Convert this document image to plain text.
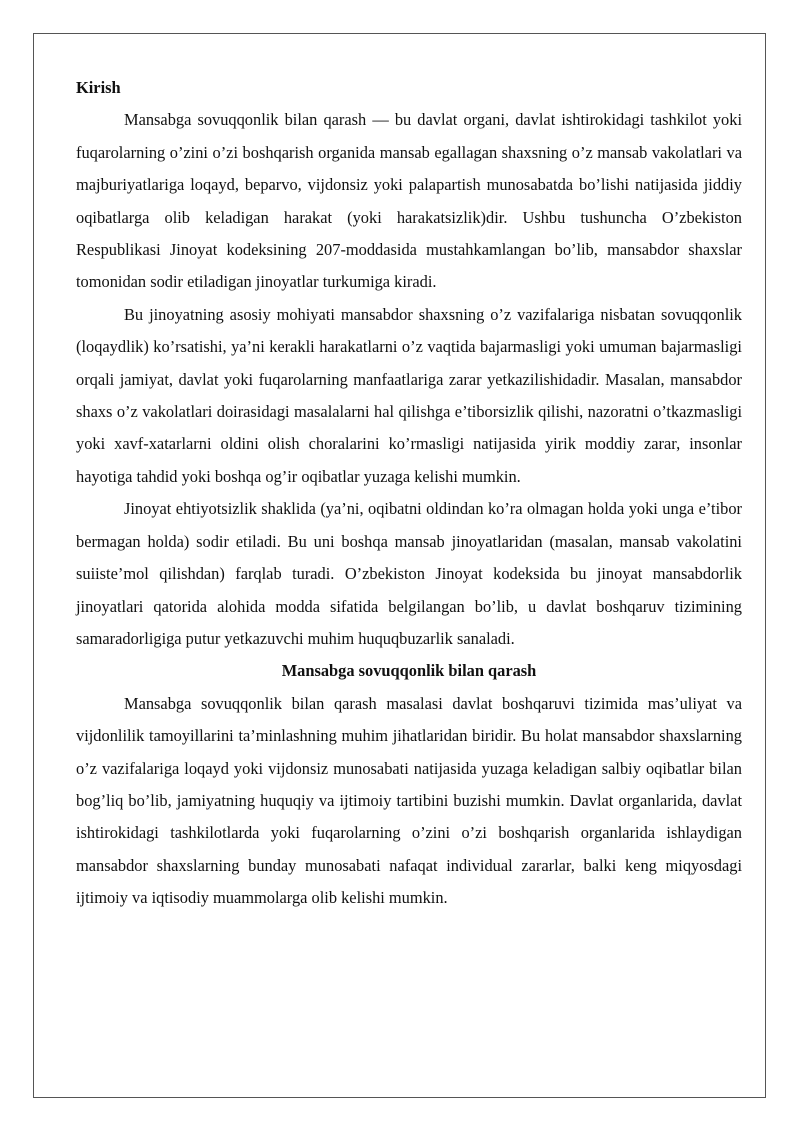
Kirish

Mansabga sovuqqonlik bilan qarash — bu davlat organi, davlat ishtirokidagi tashkilot yoki fuqarolarning o’zini o’zi boshqarish organida mansab egallagan shaxsning o’z mansab vakolatlari va majburiyatlariga loqayd, beparvo, vijdonsiz yoki palapartish munosabatda bo’lishi natijasida jiddiy oqibatlarga olib keladigan harakat (yoki harakatsizlik)dir. Ushbu tushuncha O’zbekiston Respublikasi Jinoyat kodeksining 207-moddasida mustahkamlangan bo’lib, mansabdor shaxslar tomonidan sodir etiladigan jinoyatlar turkumiga kiradi.

Bu jinoyatning asosiy mohiyati mansabdor shaxsning o’z vazifalariga nisbatan sovuqqonlik (loqaydlik) ko’rsatishi, ya’ni kerakli harakatlarni o’z vaqtida bajarmasligi yoki umuman bajarmasligi orqali jamiyat, davlat yoki fuqarolarning manfaatlariga zarar yetkazilishidadir. Masalan, mansabdor shaxs o’z vakolatlari doirasidagi masalalarni hal qilishga e’tiborsizlik qilishi, nazoratni o’tkazmasligi yoki xavf-xatarlarni oldini olish choralarini ko’rmasligi natijasida yirik moddiy zarar, insonlar hayotiga tahdid yoki boshqa og’ir oqibatlar yuzaga kelishi mumkin.

Jinoyat ehtiyotsizlik shaklida (ya’ni, oqibatni oldindan ko’ra olmagan holda yoki unga e’tibor bermagan holda) sodir etiladi. Bu uni boshqa mansab jinoyatlaridan (masalan, mansab vakolatini suiiste’mol qilishdan) farqlab turadi. O’zbekiston Jinoyat kodeksida bu jinoyat mansabdorlik jinoyatlari qatorida alohida modda sifatida belgilangan bo’lib, u davlat boshqaruv tizimining samaradorligiga putur yetkazuvchi muhim huquqbuzarlik sanaladi.

Mansabga sovuqqonlik bilan qarash

Mansabga sovuqqonlik bilan qarash masalasi davlat boshqaruvi tizimida mas’uliyat va vijdonlilik tamoyillarini ta’minlashning muhim jihatlaridan biridir. Bu holat mansabdor shaxslarning o’z vazifalariga loqayd yoki vijdonsiz munosabati natijasida yuzaga keladigan salbiy oqibatlar bilan bog’liq bo’lib, jamiyatning huquqiy va ijtimoiy tartibini buzishi mumkin. Davlat organlarida, davlat ishtirokidagi tashkilotlarda yoki fuqarolarning o’zini o’zi boshqarish organlarida ishlaydigan mansabdor shaxslarning bunday munosabati nafaqat individual zararlar, balki keng miqyosdagi ijtimoiy va iqtisodiy muammolarga olib kelishi mumkin.
